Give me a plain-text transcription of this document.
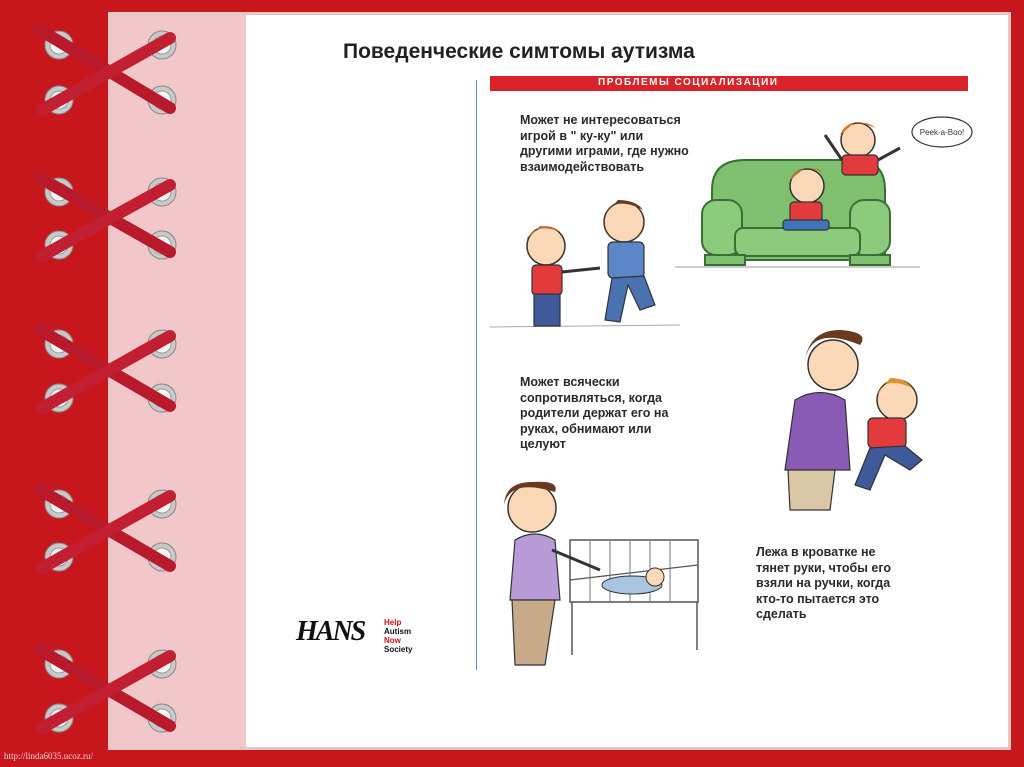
Поведенческие симтомы аутизма
ПРОБЛЕМЫ СОЦИАЛИЗАЦИИ
Может не интересоваться
игрой в " ку-ку" или
другими играми, где нужно
взаимодействовать
Может всячески
сопротивляться, когда
родители держат его на
руках, обнимают или
целуют
Лежа в кроватке не
тянет руки, чтобы его
взяли на ручки, когда
кто-то пытается это
сделать
Peek-a-Boo!
HANS Help
Autism
Now
Society
http://linda6035.ucoz.ru/
